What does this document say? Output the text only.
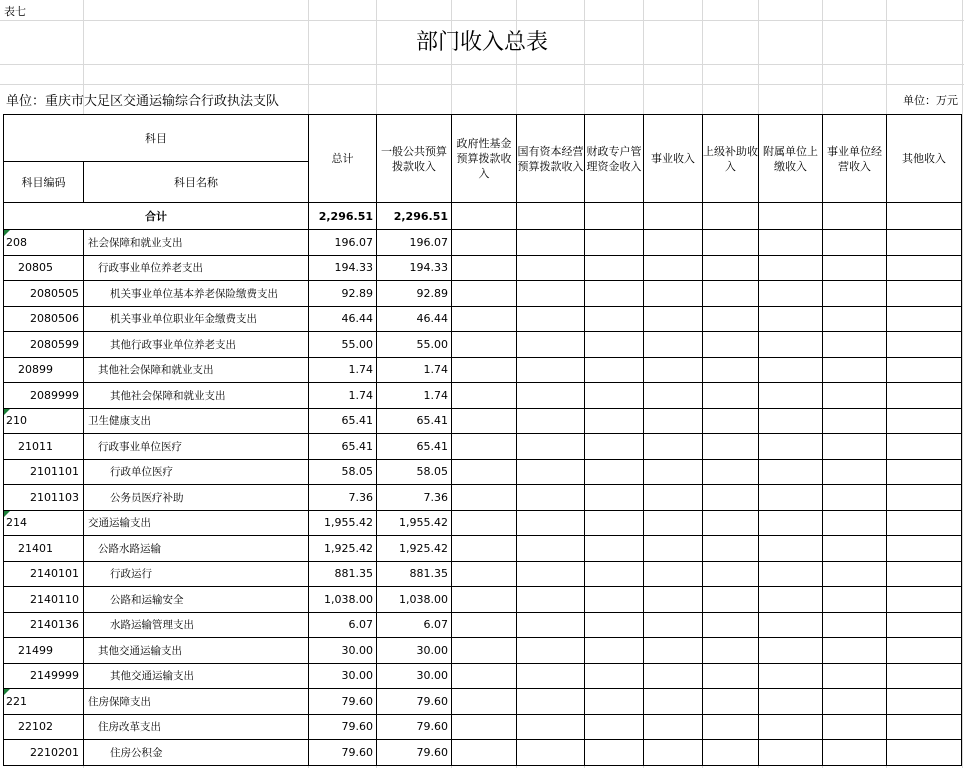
表七
部门收入总表
单位：重庆市大足区交通运输综合行政执法支队	单位：万元
科目		总计	一般公共预算拨款收入	政府性基金预算拨款收入	国有资本经营预算拨款收入	财政专户管理资金收入	事业收入	上级补助收入	附属单位上缴收入	事业单位经营收入	其他收入
科目编码	科目名称										
合计		2,296.51	2,296.51								
208	社会保障和就业支出	196.07	196.07								
20805	行政事业单位养老支出	194.33	194.33								
2080505	机关事业单位基本养老保险缴费支出	92.89	92.89								
2080506	机关事业单位职业年金缴费支出	46.44	46.44								
2080599	其他行政事业单位养老支出	55.00	55.00								
20899	其他社会保障和就业支出	1.74	1.74								
2089999	其他社会保障和就业支出	1.74	1.74								
210	卫生健康支出	65.41	65.41								
21011	行政事业单位医疗	65.41	65.41								
2101101	行政单位医疗	58.05	58.05								
2101103	公务员医疗补助	7.36	7.36								
214	交通运输支出	1,955.42	1,955.42								
21401	公路水路运输	1,925.42	1,925.42								
2140101	行政运行	881.35	881.35								
2140110	公路和运输安全	1,038.00	1,038.00								
2140136	水路运输管理支出	6.07	6.07								
21499	其他交通运输支出	30.00	30.00								
2149999	其他交通运输支出	30.00	30.00								
221	住房保障支出	79.60	79.60								
22102	住房改革支出	79.60	79.60								
2210201	住房公积金	79.60	79.60								
